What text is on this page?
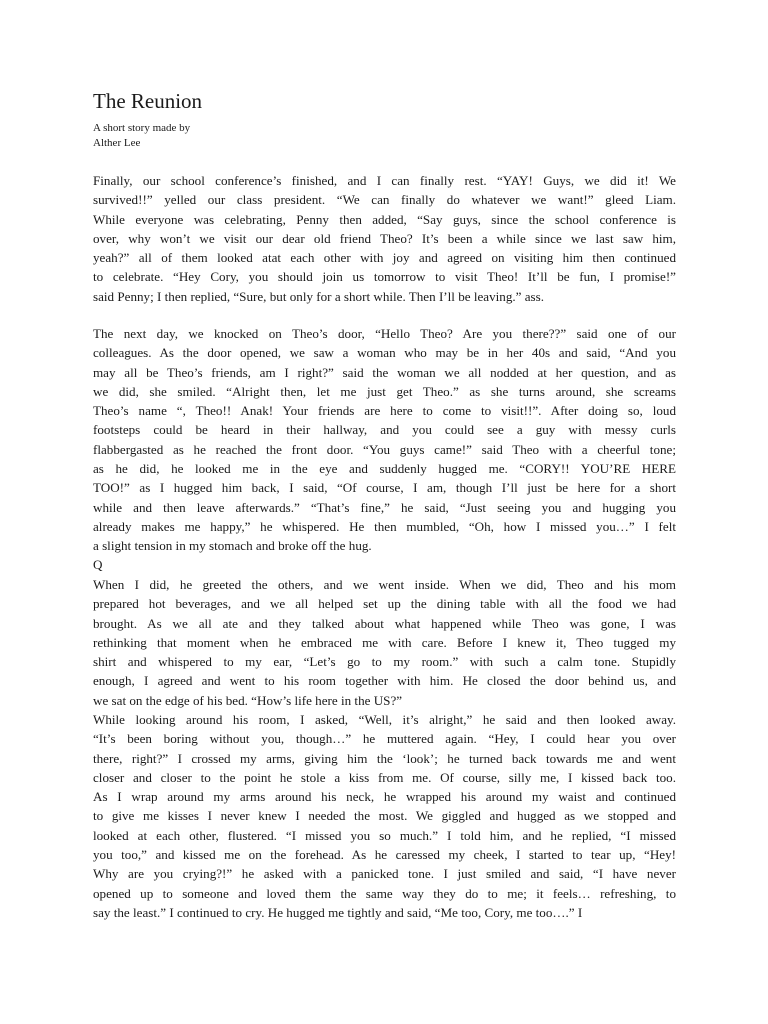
The Reunion
A short story made by
Alther Lee
Finally, our school conference’s finished, and I can finally rest. “YAY! Guys, we did it! We
survived!!” yelled our class president. “We can finally do whatever we want!” gleed Liam.
While everyone was celebrating, Penny then added, “Say guys, since the school conference is
over, why won’t we visit our dear old friend Theo? It’s been a while since we last saw him,
yeah?” all of them looked atat each other with joy and agreed on visiting him then continued
to celebrate. “Hey Cory, you should join us tomorrow to visit Theo! It’ll be fun, I promise!”
said Penny; I then replied, “Sure, but only for a short while. Then I’ll be leaving.” ass.
The next day, we knocked on Theo’s door, “Hello Theo? Are you there??” said one of our
colleagues. As the door opened, we saw a woman who may be in her 40s and said, “And you
may all be Theo’s friends, am I right?” said the woman we all nodded at her question, and as
we did, she smiled. “Alright then, let me just get Theo.” as she turns around, she screams
Theo’s name “, Theo!! Anak! Your friends are here to come to visit!!”. After doing so, loud
footsteps could be heard in their hallway, and you could see a guy with messy curls
flabbergasted as he reached the front door. “You guys came!” said Theo with a cheerful tone;
as he did, he looked me in the eye and suddenly hugged me. “CORY!! YOU’RE HERE
TOO!” as I hugged him back, I said, “Of course, I am, though I’ll just be here for a short
while and then leave afterwards.” “That’s fine,” he said, “Just seeing you and hugging you
already makes me happy,” he whispered. He then mumbled, “Oh, how I missed you…” I felt
a slight tension in my stomach and broke off the hug.
Q
When I did, he greeted the others, and we went inside. When we did, Theo and his mom
prepared hot beverages, and we all helped set up the dining table with all the food we had
brought. As we all ate and they talked about what happened while Theo was gone, I was
rethinking that moment when he embraced me with care. Before I knew it, Theo tugged my
shirt and whispered to my ear, “Let’s go to my room.” with such a calm tone. Stupidly
enough, I agreed and went to his room together with him. He closed the door behind us, and
we sat on the edge of his bed. “How’s life here in the US?”
While looking around his room, I asked, “Well, it’s alright,” he said and then looked away.
“It’s been boring without you, though…” he muttered again. “Hey, I could hear you over
there, right?” I crossed my arms, giving him the ‘look’; he turned back towards me and went
closer and closer to the point he stole a kiss from me. Of course, silly me, I kissed back too.
As I wrap around my arms around his neck, he wrapped his around my waist and continued
to give me kisses I never knew I needed the most. We giggled and hugged as we stopped and
looked at each other, flustered. “I missed you so much.” I told him, and he replied, “I missed
you too,” and kissed me on the forehead. As he caressed my cheek, I started to tear up, “Hey!
Why are you crying?!” he asked with a panicked tone. I just smiled and said, “I have never
opened up to someone and loved them the same way they do to me; it feels… refreshing, to
say the least.” I continued to cry. He hugged me tightly and said, “Me too, Cory, me too….” I
